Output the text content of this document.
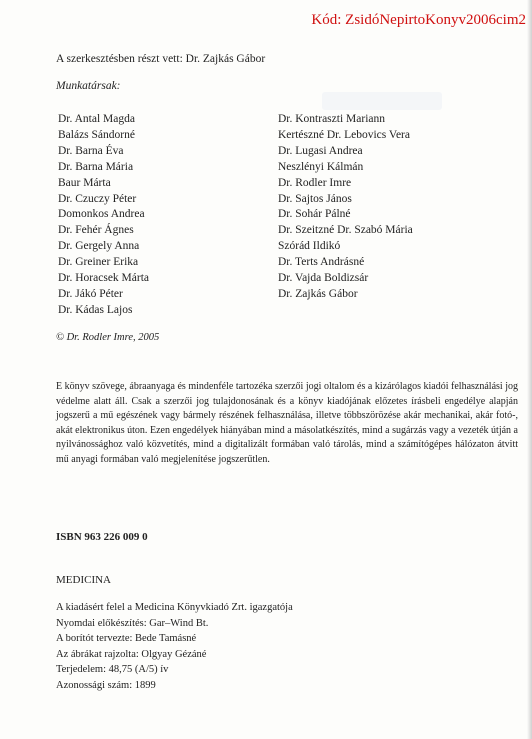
Kód: ZsidóNepirtoKonyv2006cim2
A szerkesztésben részt vett: Dr. Zajkás Gábor
Munkatársak:
Dr. Antal Magda
Balázs Sándorné
Dr. Barna Éva
Dr. Barna Mária
Baur Márta
Dr. Czuczy Péter
Domonkos Andrea
Dr. Fehér Ágnes
Dr. Gergely Anna
Dr. Greiner Erika
Dr. Horacsek Márta
Dr. Jákó Péter
Dr. Kádas Lajos
Dr. Kontraszti Mariann
Kertészné Dr. Lebovics Vera
Dr. Lugasi Andrea
Neszlényi Kálmán
Dr. Rodler Imre
Dr. Sajtos János
Dr. Sohár Pálné
Dr. Szeitzné Dr. Szabó Mária
Szórád Ildikó
Dr. Terts Andrásné
Dr. Vajda Boldizsár
Dr. Zajkás Gábor
© Dr. Rodler Imre, 2005
E könyv szövege, ábraanyaga és mindenféle tartozéka szerzői jogi oltalom és a kizárólagos kiadói felhasználási jog védelme alatt áll. Csak a szerzői jog tulajdonosának és a könyv kiadójának előzetes írásbeli engedélye alapján jogszerű a mű egészének vagy bármely részének felhasználása, illetve többszörözése akár mechanikai, akár fotó-, akát elektronikus úton. Ezen engedélyek hiányában mind a másolatkészítés, mind a sugárzás vagy a vezeték útján a nyilvánossághoz való közvetítés, mind a digitalizált formában való tárolás, mind a számítógépes hálózaton átvitt mű anyagi formában való megjelenítése jogszerűtlen.
ISBN 963 226 009 0
MEDICINA
A kiadásért felel a Medicina Könyvkiadó Zrt. igazgatója
Nyomdai előkészítés: Gar–Wind Bt.
A borítót tervezte: Bede Tamásné
Az ábrákat rajzolta: Olgyay Gézáné
Terjedelem: 48,75 (A/5) ív
Azonossági szám: 1899
